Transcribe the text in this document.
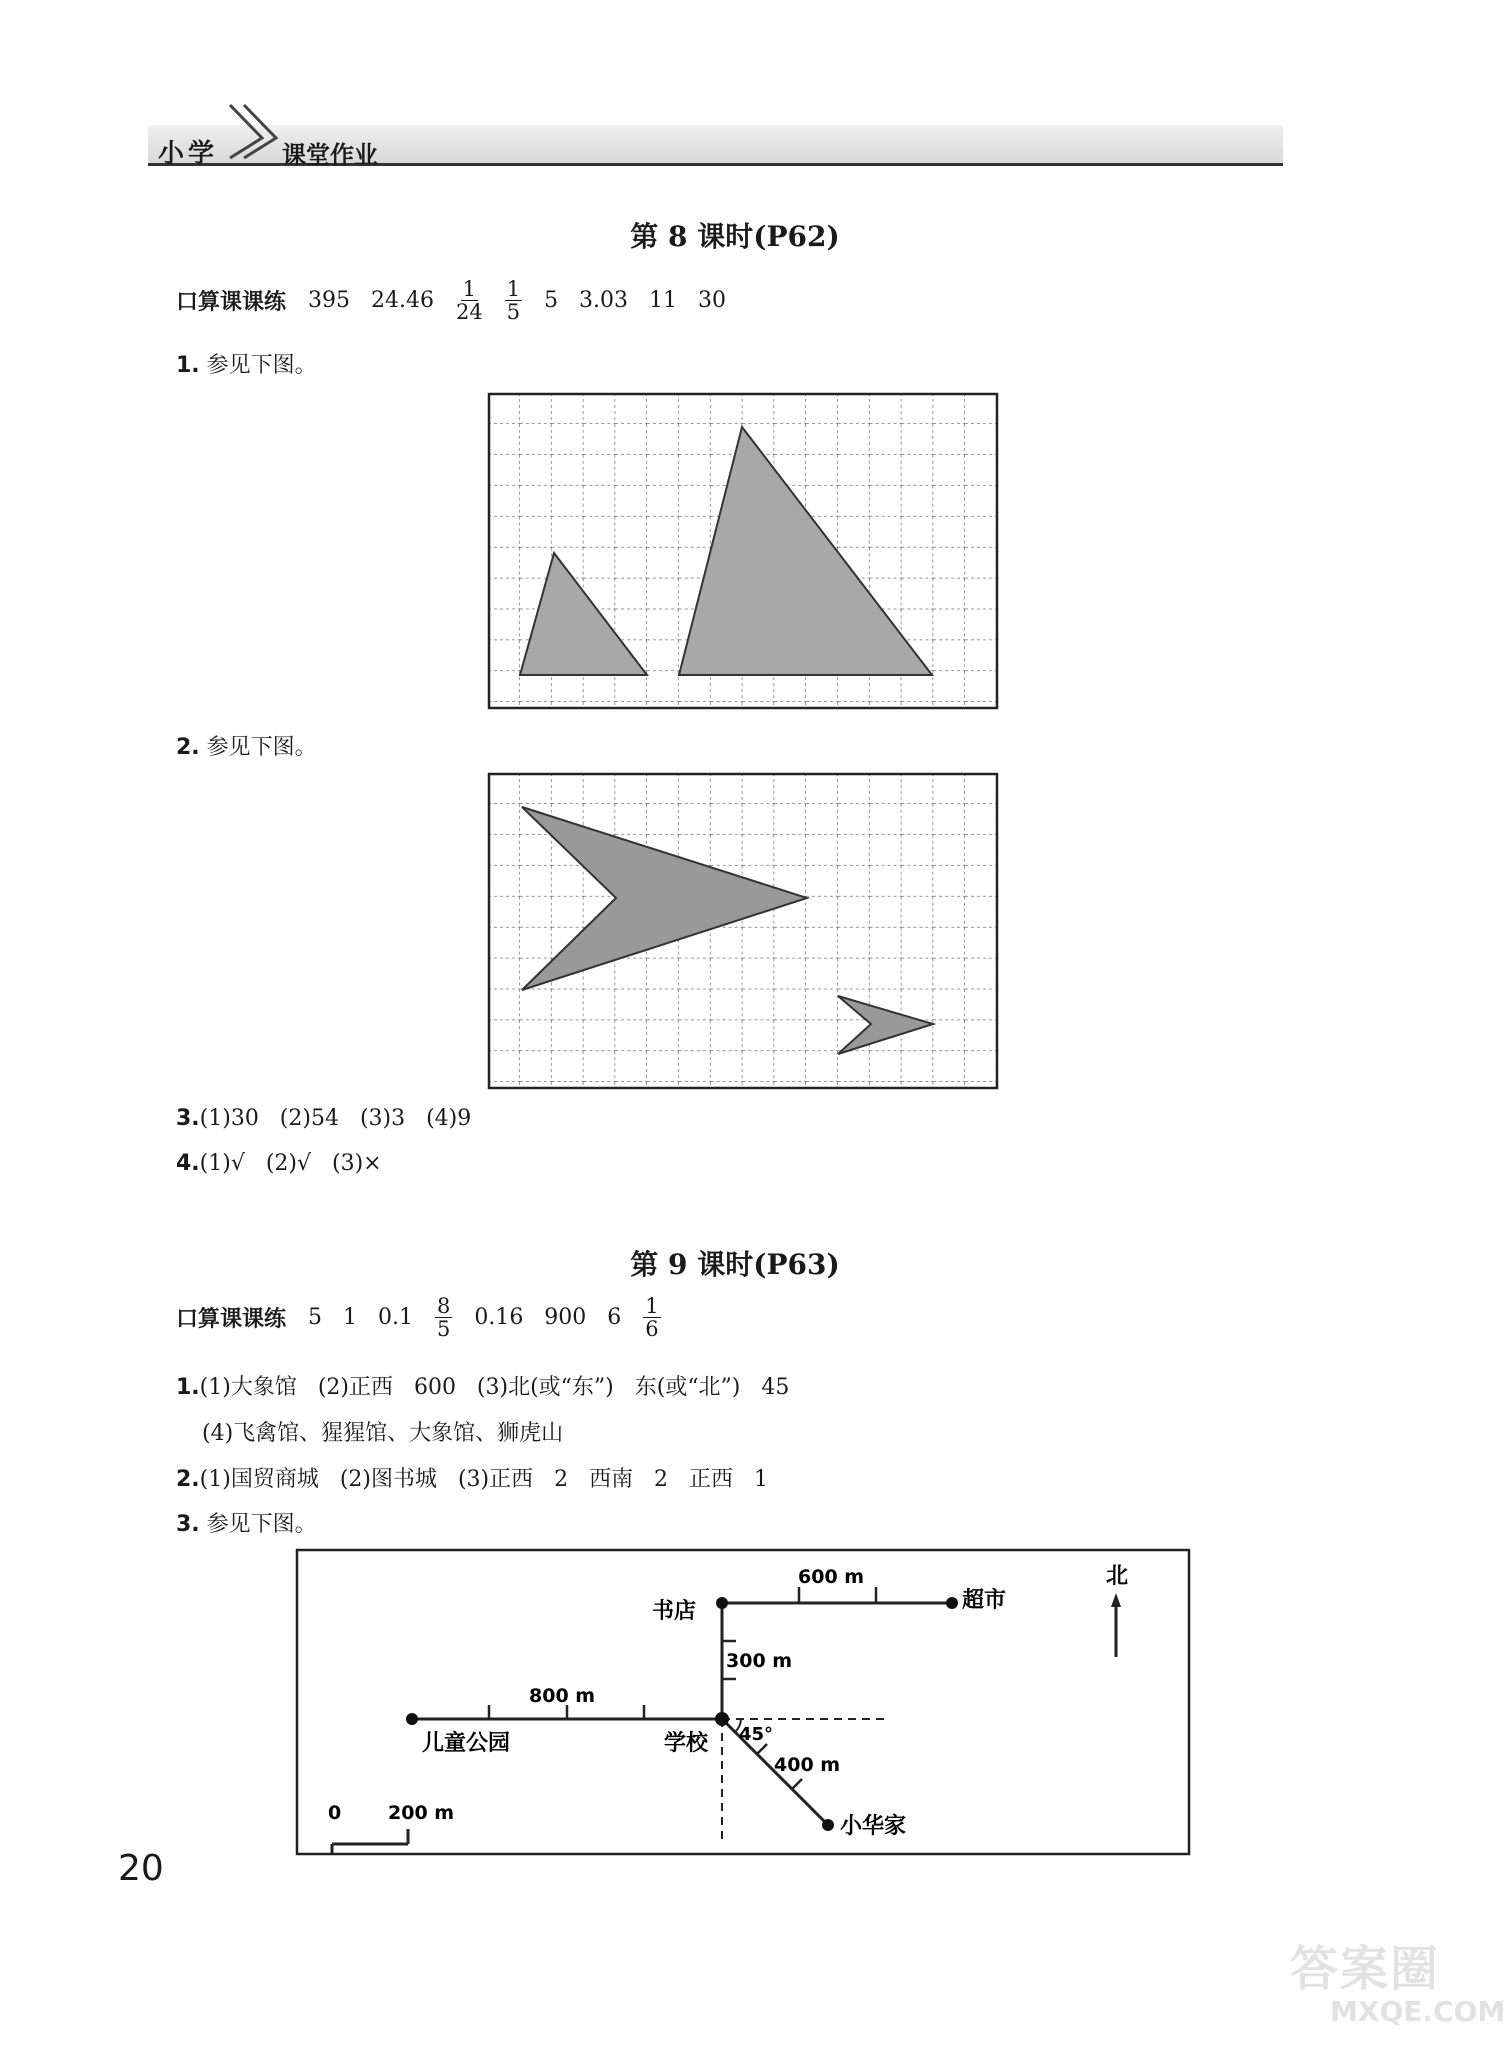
小学	课堂作业
第 8 课时(P62)
口算课课练 395   $24.46 \frac{1}{24} \frac{1}{5} 5$   3.03   11   30
1. 参见下图。
2. 参见下图。
3.(1)30   (2)54   (3)3   (4)9
4.(1)√   (2)√   (3)×
第 9 课时(P63)
口算课课练 5   1   $0.1 \frac{8}{5} 0.16$   900   $6 \frac{1}{6}$
1.(1)大象馆   (2)正西   600   (3)北(或“东”)   东(或“北”)   45
(4)飞禽馆、猩猩馆、大象馆、狮虎山
2.(1)国贸商城   (2)图书城   (3)正西   2   西南   2   正西   1
3. 参见下图。
书店	超市
学校
儿童公园
小华家
北
600 m
300 m
800 m
400 m
45°
0 200 m
20
答案圈
MXQE.COM
